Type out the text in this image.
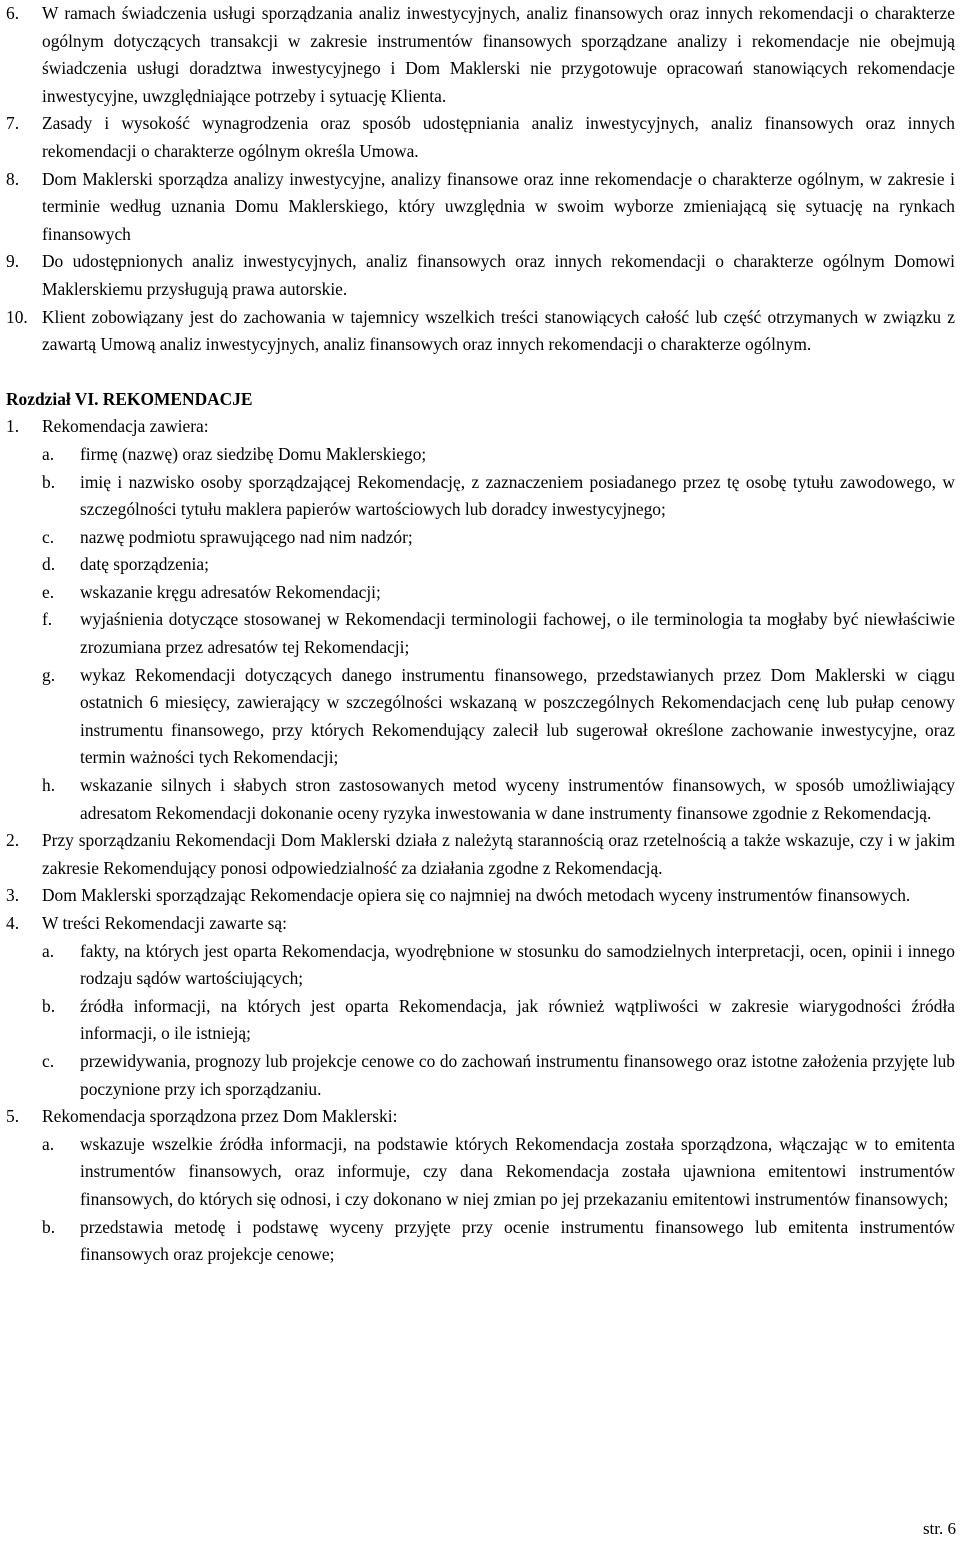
6.	W ramach świadczenia usługi sporządzania analiz inwestycyjnych, analiz finansowych oraz innych rekomendacji o charakterze ogólnym dotyczących transakcji w zakresie instrumentów finansowych sporządzane analizy i rekomendacje nie obejmują świadczenia usługi doradztwa inwestycyjnego i Dom Maklerski nie przygotowuje opracowań stanowiących rekomendacje inwestycyjne, uwzględniające potrzeby i sytuację Klienta.
7.	Zasady i wysokość wynagrodzenia oraz sposób udostępniania analiz inwestycyjnych, analiz finansowych oraz innych rekomendacji o charakterze ogólnym określa Umowa.
8.	Dom Maklerski sporządza analizy inwestycyjne, analizy finansowe oraz inne rekomendacje o charakterze ogólnym, w zakresie i terminie według uznania Domu Maklerskiego, który uwzględnia w swoim wyborze zmieniającą się sytuację na rynkach finansowych
9.	Do udostępnionych analiz inwestycyjnych, analiz finansowych oraz innych rekomendacji o charakterze ogólnym Domowi Maklerskiemu przysługują prawa autorskie.
10. Klient zobowiązany jest do zachowania w tajemnicy wszelkich treści stanowiących całość lub część otrzymanych w związku z zawartą Umową analiz inwestycyjnych, analiz finansowych oraz innych rekomendacji o charakterze ogólnym.
Rozdział VI. REKOMENDACJE
1.	Rekomendacja zawiera:
a.	firmę (nazwę) oraz siedzibę Domu Maklerskiego;
b.	imię i nazwisko osoby sporządzającej Rekomendację, z zaznaczeniem posiadanego przez tę osobę tytułu zawodowego, w szczególności tytułu maklera papierów wartościowych lub doradcy inwestycyjnego;
c.	nazwę podmiotu sprawującego nad nim nadzór;
d.	datę sporządzenia;
e.	wskazanie kręgu adresatów Rekomendacji;
f.	wyjaśnienia dotyczące stosowanej w Rekomendacji terminologii fachowej, o ile terminologia ta mogłaby być niewłaściwie zrozumiana przez adresatów tej Rekomendacji;
g.	wykaz Rekomendacji dotyczących danego instrumentu finansowego, przedstawianych przez Dom Maklerski w ciągu ostatnich 6 miesięcy, zawierający w szczególności wskazaną w poszczególnych Rekomendacjach cenę lub pułap cenowy instrumentu finansowego, przy których Rekomendujący zalecił lub sugerował określone zachowanie inwestycyjne, oraz termin ważności tych Rekomendacji;
h.	wskazanie silnych i słabych stron zastosowanych metod wyceny instrumentów finansowych, w sposób umożliwiający adresatom Rekomendacji dokonanie oceny ryzyka inwestowania w dane instrumenty finansowe zgodnie z Rekomendacją.
2.	Przy sporządzaniu Rekomendacji Dom Maklerski działa z należytą starannością oraz rzetelnością a także wskazuje, czy i w jakim zakresie Rekomendujący ponosi odpowiedzialność za działania zgodne z Rekomendacją.
3.	Dom Maklerski sporządzając Rekomendacje opiera się co najmniej na dwóch metodach wyceny instrumentów finansowych.
4.	W treści Rekomendacji zawarte są:
a.	fakty, na których jest oparta Rekomendacja, wyodrębnione w stosunku do samodzielnych interpretacji, ocen, opinii i innego rodzaju sądów wartościujących;
b.	źródła informacji, na których jest oparta Rekomendacja, jak również wątpliwości w zakresie wiarygodności źródła informacji, o ile istnieją;
c.	przewidywania, prognozy lub projekcje cenowe co do zachowań instrumentu finansowego oraz istotne założenia przyjęte lub poczynione przy ich sporządzaniu.
5.	Rekomendacja sporządzona przez Dom Maklerski:
a.	wskazuje wszelkie źródła informacji, na podstawie których Rekomendacja została sporządzona, włączając w to emitenta instrumentów finansowych, oraz informuje, czy dana Rekomendacja została ujawniona emitentowi instrumentów finansowych, do których się odnosi, i czy dokonano w niej zmian po jej przekazaniu emitentowi instrumentów finansowych;
b.	przedstawia metodę i podstawę wyceny przyjęte przy ocenie instrumentu finansowego lub emitenta instrumentów finansowych oraz projekcje cenowe;
str. 6
